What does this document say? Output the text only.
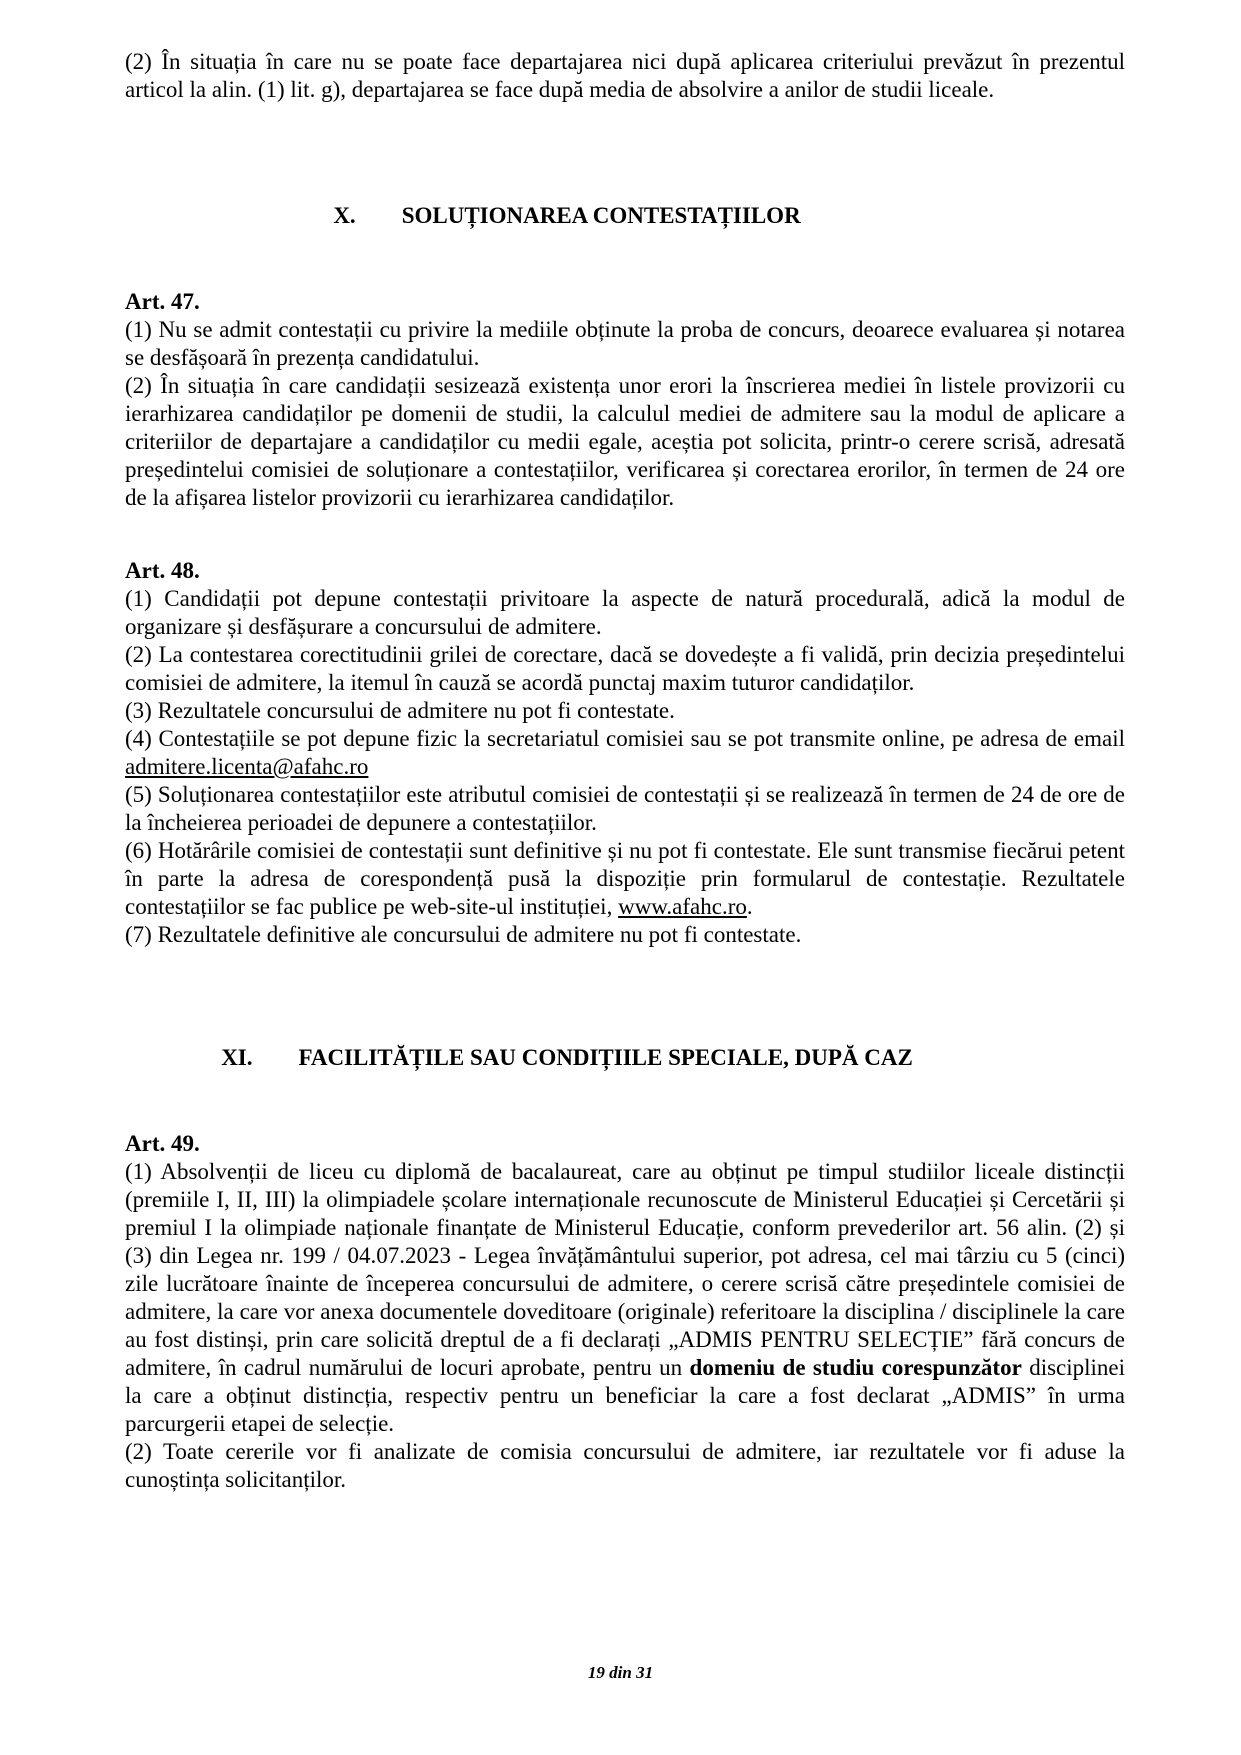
(2) În situația în care nu se poate face departajarea nici după aplicarea criteriului prevăzut în prezentul articol la alin. (1) lit. g), departajarea se face după media de absolvire a anilor de studii liceale.

X. SOLUȚIONAREA CONTESTAȚIILOR

Art. 47.

(1) Nu se admit contestații cu privire la mediile obținute la proba de concurs, deoarece evaluarea și notarea se desfășoară în prezența candidatului.

(2) În situația în care candidații sesizează existența unor erori la înscrierea mediei în listele provizorii cu ierarhizarea candidaților pe domenii de studii, la calculul mediei de admitere sau la modul de aplicare a criteriilor de departajare a candidaților cu medii egale, aceștia pot solicita, printr-o cerere scrisă, adresată președintelui comisiei de soluționare a contestațiilor, verificarea și corectarea erorilor, în termen de 24 ore de la afișarea listelor provizorii cu ierarhizarea candidaților.

Art. 48.

(1) Candidații pot depune contestații privitoare la aspecte de natură procedurală, adică la modul de organizare și desfășurare a concursului de admitere.

(2) La contestarea corectitudinii grilei de corectare, dacă se dovedește a fi validă, prin decizia președintelui comisiei de admitere, la itemul în cauză se acordă punctaj maxim tuturor candidaților.

(3) Rezultatele concursului de admitere nu pot fi contestate.

(4) Contestațiile se pot depune fizic la secretariatul comisiei sau se pot transmite online, pe adresa de email admitere.licenta@afahc.ro

(5) Soluționarea contestațiilor este atributul comisiei de contestații și se realizează în termen de 24 de ore de la încheierea perioadei de depunere a contestațiilor.

(6) Hotărârile comisiei de contestații sunt definitive și nu pot fi contestate. Ele sunt transmise fiecărui petent în parte la adresa de corespondență pusă la dispoziție prin formularul de contestație. Rezultatele contestațiilor se fac publice pe web-site-ul instituției, www.afahc.ro.

(7) Rezultatele definitive ale concursului de admitere nu pot fi contestate.

XI. FACILITĂȚILE SAU CONDIȚIILE SPECIALE, DUPĂ CAZ

Art. 49.

(1) Absolvenții de liceu cu diplomă de bacalaureat, care au obținut pe timpul studiilor liceale distincții (premiile I, II, III) la olimpiadele școlare internaționale recunoscute de Ministerul Educației și Cercetării și premiul I la olimpiade naționale finanțate de Ministerul Educație, conform prevederilor art. 56 alin. (2) și (3) din Legea nr. 199 / 04.07.2023 - Legea învățământului superior, pot adresa, cel mai târziu cu 5 (cinci) zile lucrătoare înainte de începerea concursului de admitere, o cerere scrisă către președintele comisiei de admitere, la care vor anexa documentele doveditoare (originale) referitoare la disciplina / disciplinele la care au fost distinși, prin care solicită dreptul de a fi declarați „ADMIS PENTRU SELECȚIE” fără concurs de admitere, în cadrul numărului de locuri aprobate, pentru un domeniu de studiu corespunzător disciplinei la care a obținut distincția, respectiv pentru un beneficiar la care a fost declarat „ADMIS” în urma parcurgerii etapei de selecție.

(2) Toate cererile vor fi analizate de comisia concursului de admitere, iar rezultatele vor fi aduse la cunoștința solicitanților.

19 din 31
